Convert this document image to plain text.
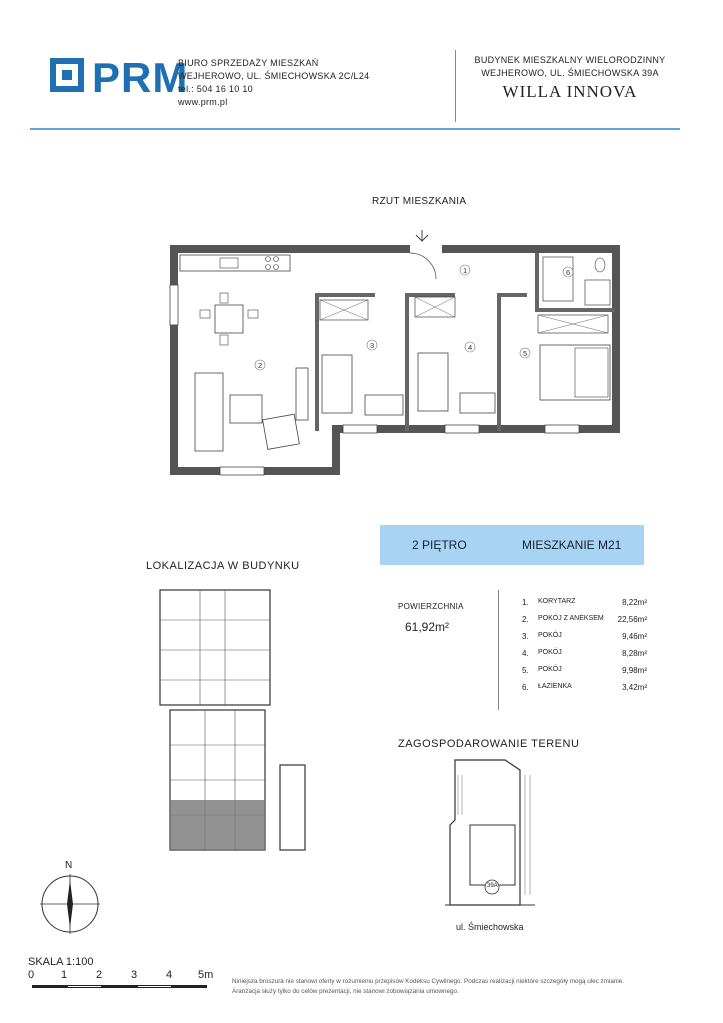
PRM
BIURO SPRZEDAŻY MIESZKAŃ
WEJHEROWO, UL. ŚMIECHOWSKA 2C/L24
tel.: 504 16 10 10
www.prm.pl
BUDYNEK MIESZKALNY WIELORODZINNY
WEJHEROWO, UL. ŚMIECHOWSKA 39A
WILLA INNOVA
RZUT MIESZKANIA
1
2
3	4
5
6
2 PIĘTRO	MIESZKANIE M21
LOKALIZACJA W BUDYNKU
POWIERZCHNIA
61,92m²
1. KORYTARZ	8,22m²
2. POKÓJ Z ANEKSEM 22,56m²
3. POKÓJ	9,46m²
4. POKÓJ	8,28m²
5. POKÓJ	9,98m²
6. ŁAZIENKA	3,42m²
ZAGOSPODAROWANIE TERENU
39A
ul. Śmiechowska
N
SKALA 1:100
0 1	2	3	4 5m
Niniejsza broszura nie stanowi oferty w rozumieniu przepisów Kodeksu Cywilnego. Podczas realizacji niektóre szczegóły mogą ulec zmianie.
Aranżacja służy tylko do celów prezentacji, nie stanowi zobowiązania umownego.
